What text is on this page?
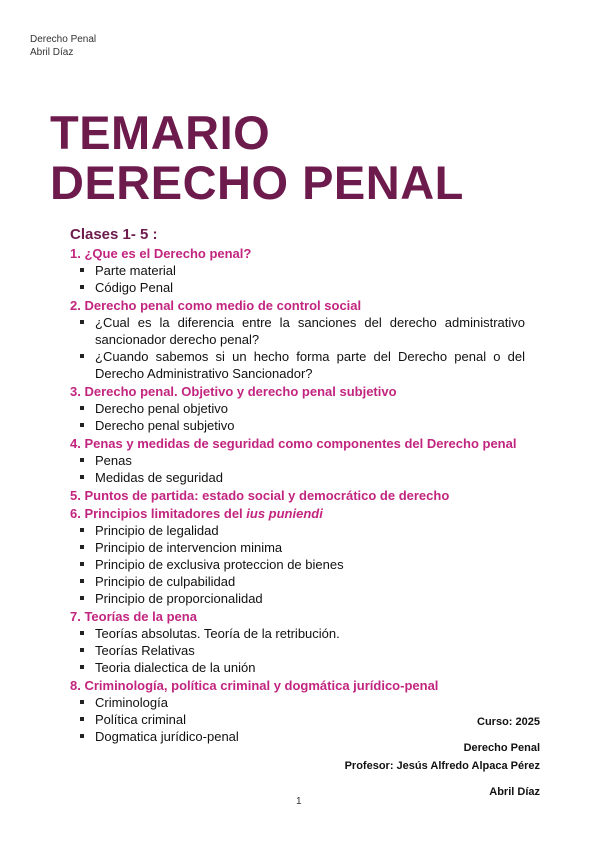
Derecho Penal
Abril Díaz
TEMARIO
DERECHO PENAL
Clases 1- 5 :
1. ¿Que es el Derecho penal?
Parte material
Código Penal
2. Derecho penal como medio de control social
¿Cual es la diferencia entre la sanciones del derecho administrativo sancionador derecho penal?
¿Cuando sabemos si un hecho forma parte del Derecho penal o del Derecho Administrativo Sancionador?
3. Derecho penal. Objetivo y derecho penal subjetivo
Derecho penal objetivo
Derecho penal subjetivo
4. Penas y medidas de seguridad como componentes del Derecho penal
Penas
Medidas de seguridad
5. Puntos de partida: estado social y democrático de derecho
6. Principios limitadores del ius puniendi
Principio de legalidad
Principio de intervencion minima
Principio de exclusiva proteccion de bienes
Principio de culpabilidad
Principio de proporcionalidad
7. Teorías de la pena
Teorías absolutas. Teoría de la retribución.
Teorías Relativas
Teoria dialectica de la unión
8. Criminología, política criminal y dogmática jurídico-penal
Criminología
Política criminal
Dogmatica jurídico-penal
Curso: 2025
Derecho Penal
Profesor: Jesús Alfredo Alpaca Pérez
Abril Díaz
1
